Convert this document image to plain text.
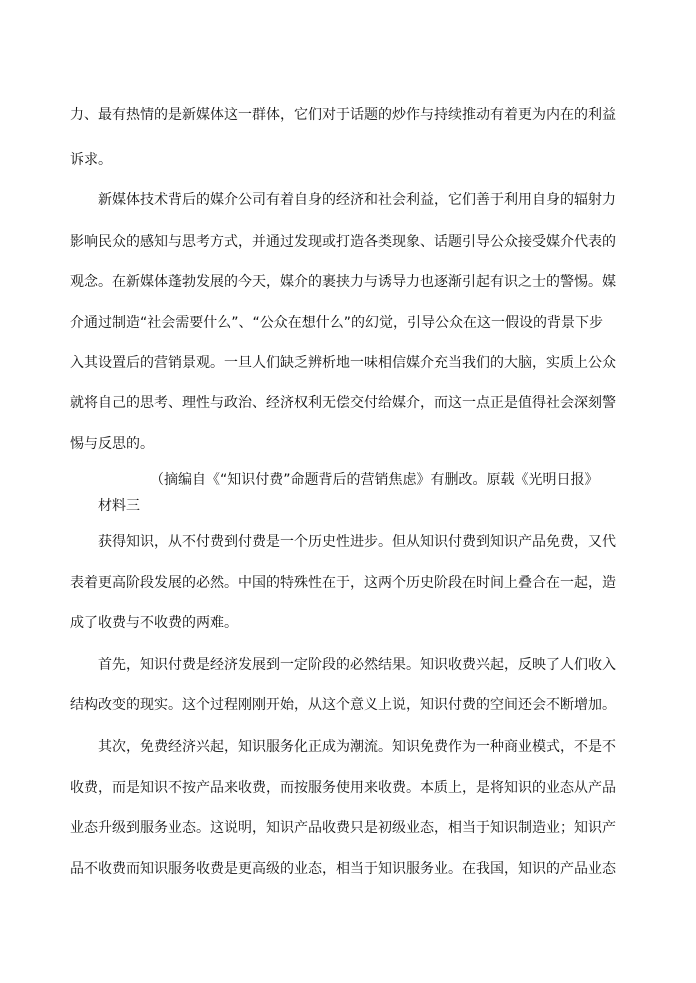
力、最有热情的是新媒体这一群体，它们对于话题的炒作与持续推动有着更为内在的利益

诉求。

新媒体技术背后的媒介公司有着自身的经济和社会利益，它们善于利用自身的辐射力

影响民众的感知与思考方式，并通过发现或打造各类现象、话题引导公众接受媒介代表的

观念。在新媒体蓬勃发展的今天，媒介的裹挟力与诱导力也逐渐引起有识之士的警惕。媒

介通过制造“社会需要什么”、“公众在想什么”的幻觉，引导公众在这一假设的背景下步

入其设置后的营销景观。一旦人们缺乏辨析地一味相信媒介充当我们的大脑，实质上公众

就将自己的思考、理性与政治、经济权利无偿交付给媒介，而这一点正是值得社会深刻警

惕与反思的。

（摘编自《“知识付费”命题背后的营销焦虑》有删改。原载《光明日报》

材料三

获得知识，从不付费到付费是一个历史性进步。但从知识付费到知识产品免费，又代

表着更高阶段发展的必然。中国的特殊性在于，这两个历史阶段在时间上叠合在一起，造

成了收费与不收费的两难。

首先，知识付费是经济发展到一定阶段的必然结果。知识收费兴起，反映了人们收入

结构改变的现实。这个过程刚刚开始，从这个意义上说，知识付费的空间还会不断增加。

其次，免费经济兴起，知识服务化正成为潮流。知识免费作为一种商业模式，不是不

收费，而是知识不按产品来收费，而按服务使用来收费。本质上，是将知识的业态从产品

业态升级到服务业态。这说明，知识产品收费只是初级业态，相当于知识制造业；知识产

品不收费而知识服务收费是更高级的业态，相当于知识服务业。在我国，知识的产品业态
